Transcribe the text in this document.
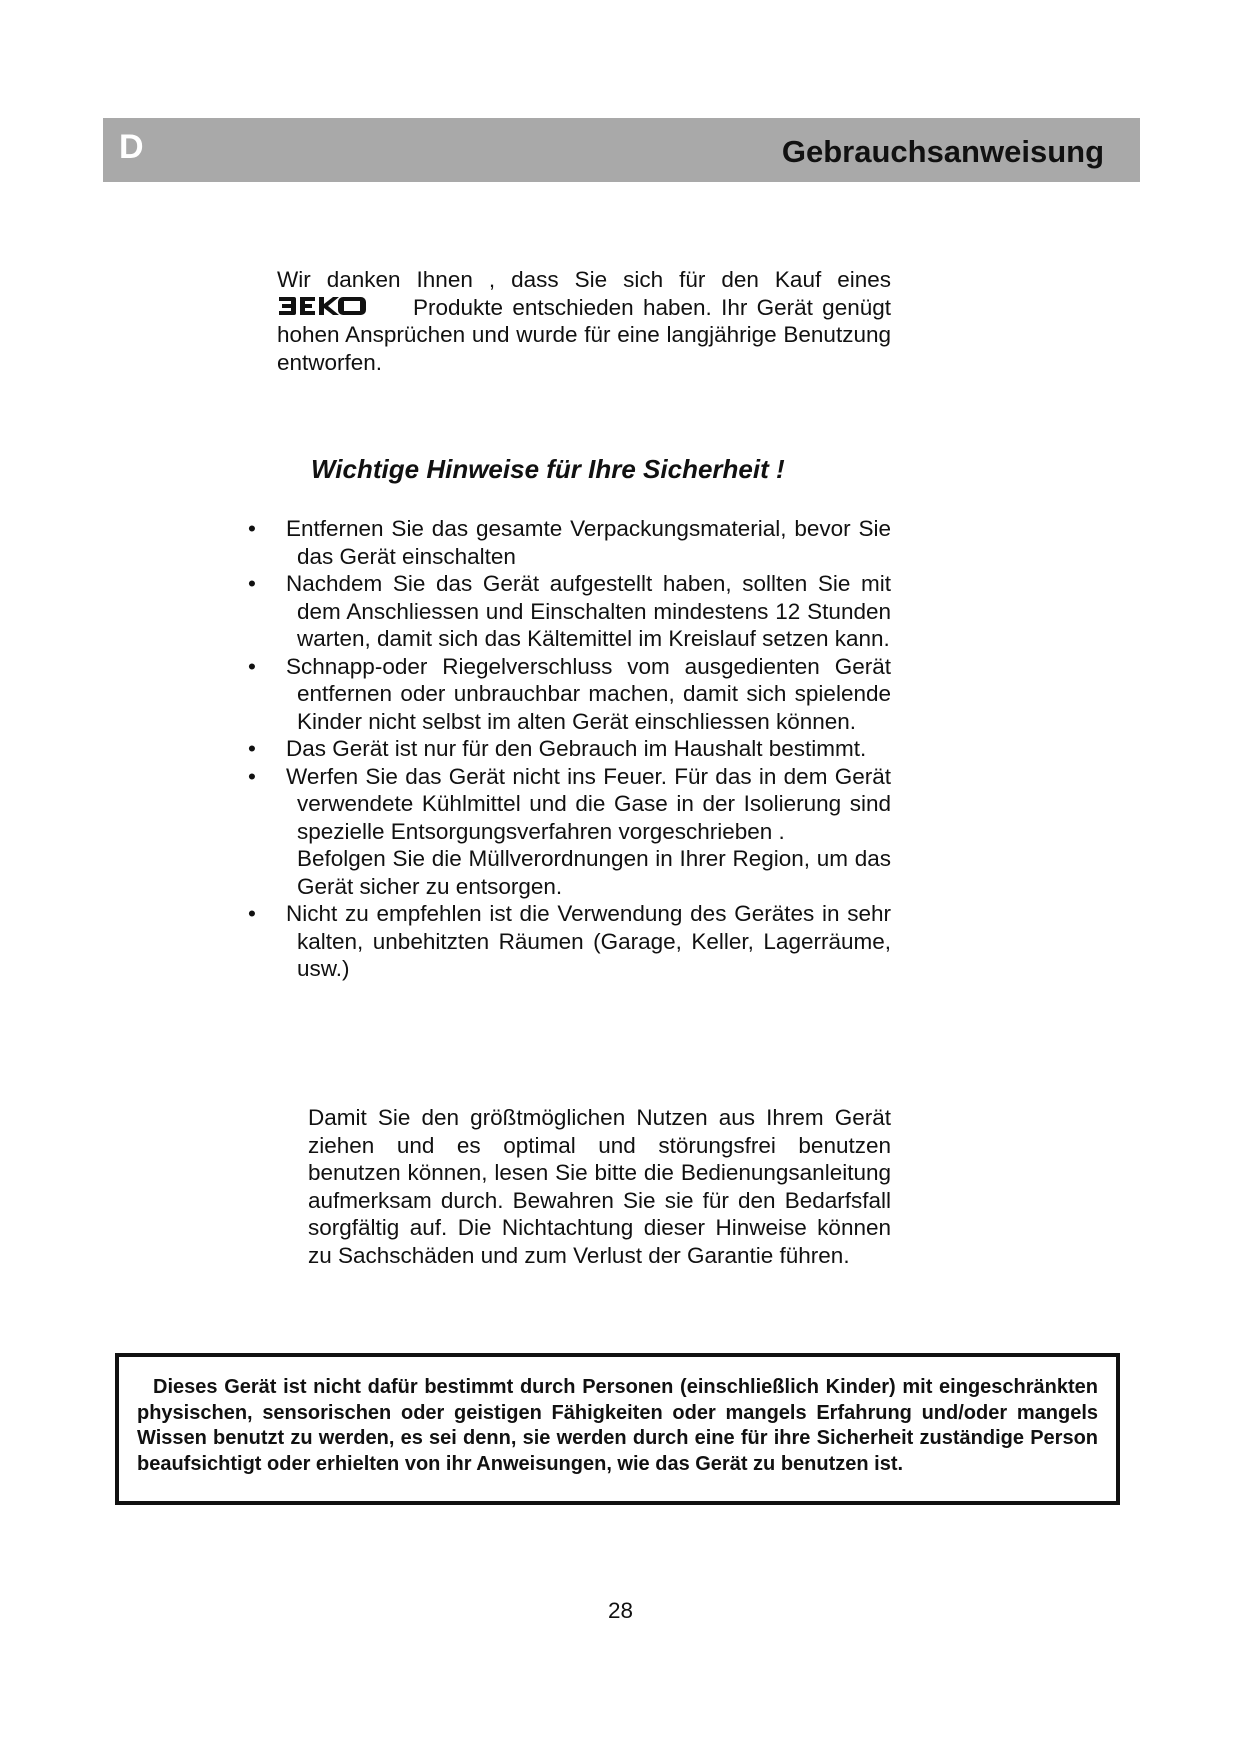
D	Gebrauchsanweisung

Wir danken Ihnen , dass Sie sich für den Kauf eines
Produkte entschieden haben. Ihr Gerät genügt hohen Ansprüchen und wurde für eine langjährige Benutzung entworfen.

Wichtige Hinweise für Ihre Sicherheit !
• Entfernen Sie das gesamte Verpackungsmaterial, bevor Sie das Gerät einschalten
• Nachdem Sie das Gerät aufgestellt haben, sollten Sie mit dem Anschliessen und Einschalten mindestens 12 Stunden warten, damit sich das Kältemittel im Kreislauf setzen kann.
• Schnapp-oder Riegelverschluss vom ausgedienten Gerät entfernen oder unbrauchbar machen, damit sich spielende Kinder nicht selbst im alten Gerät einschliessen können.
• Das Gerät ist nur für den Gebrauch im Haushalt bestimmt.
• Werfen Sie das Gerät nicht ins Feuer. Für das in dem Gerät verwendete Kühlmittel und die Gase in der Isolierung sind spezielle Entsorgungsverfahren vorgeschrieben .
Befolgen Sie die Müllverordnungen in Ihrer Region, um das Gerät sicher zu entsorgen.
• Nicht zu empfehlen ist die Verwendung des Gerätes in sehr kalten, unbehitzten Räumen (Garage, Keller, Lagerräume, usw.)

Damit Sie den größtmöglichen Nutzen aus Ihrem Gerät ziehen und es optimal und störungsfrei benutzen benutzen können, lesen Sie bitte die Bedienungsanleitung aufmerksam durch. Bewahren Sie sie für den Bedarfsfall sorgfältig auf. Die Nichtachtung dieser Hinweise können zu Sachschäden und zum Verlust der Garantie führen.

Dieses Gerät ist nicht dafür bestimmt durch Personen (einschließlich Kinder) mit eingeschränkten physischen, sensorischen oder geistigen Fähigkeiten oder mangels Erfahrung und/oder mangels Wissen benutzt zu werden, es sei denn, sie werden durch eine für ihre Sicherheit zuständige Person beaufsichtigt oder erhielten von ihr Anweisungen, wie das Gerät zu benutzen ist.

28
